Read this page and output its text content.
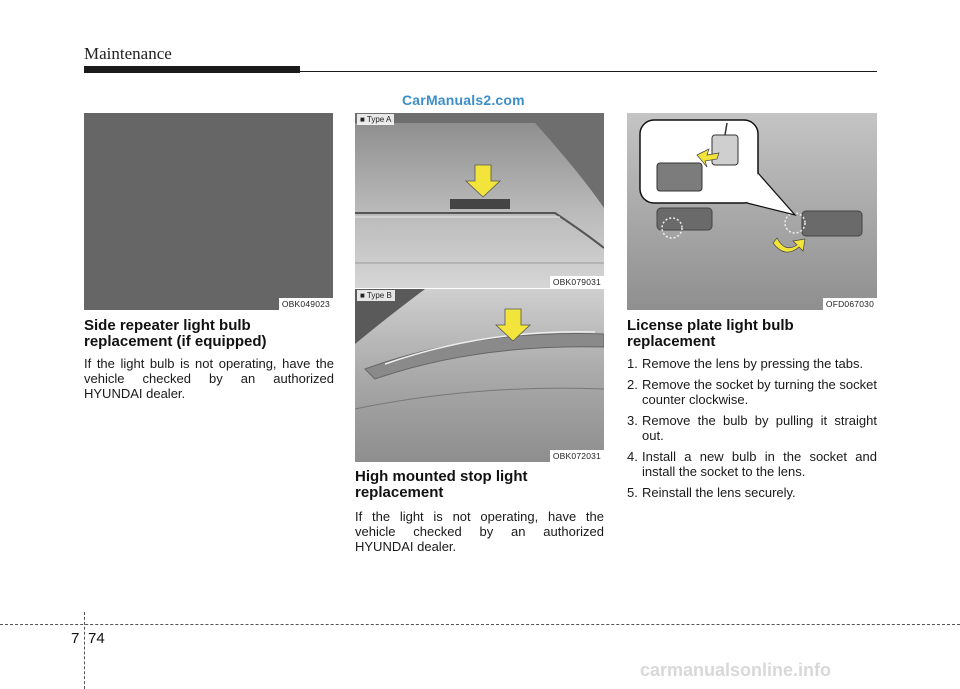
Maintenance
CarManuals2.com
OBK049023
Side repeater light bulb replacement (if equipped)

If the light bulb is not operating, have the vehicle checked by an authorized HYUNDAI dealer.

■ Type A
OBK079031
■ Type B
OBK072031
High mounted stop light replacement

If the light is not operating, have the vehicle checked by an authorized HYUNDAI dealer.

OFD067030
License plate light bulb replacement
1. Remove the lens by pressing the tabs.
2. Remove the socket by turning the socket counter clockwise.
3. Remove the bulb by pulling it straight out.
4. Install a new bulb in the socket and install the socket to the lens.
5. Reinstall the lens securely.
7 74
carmanualsonline.info
